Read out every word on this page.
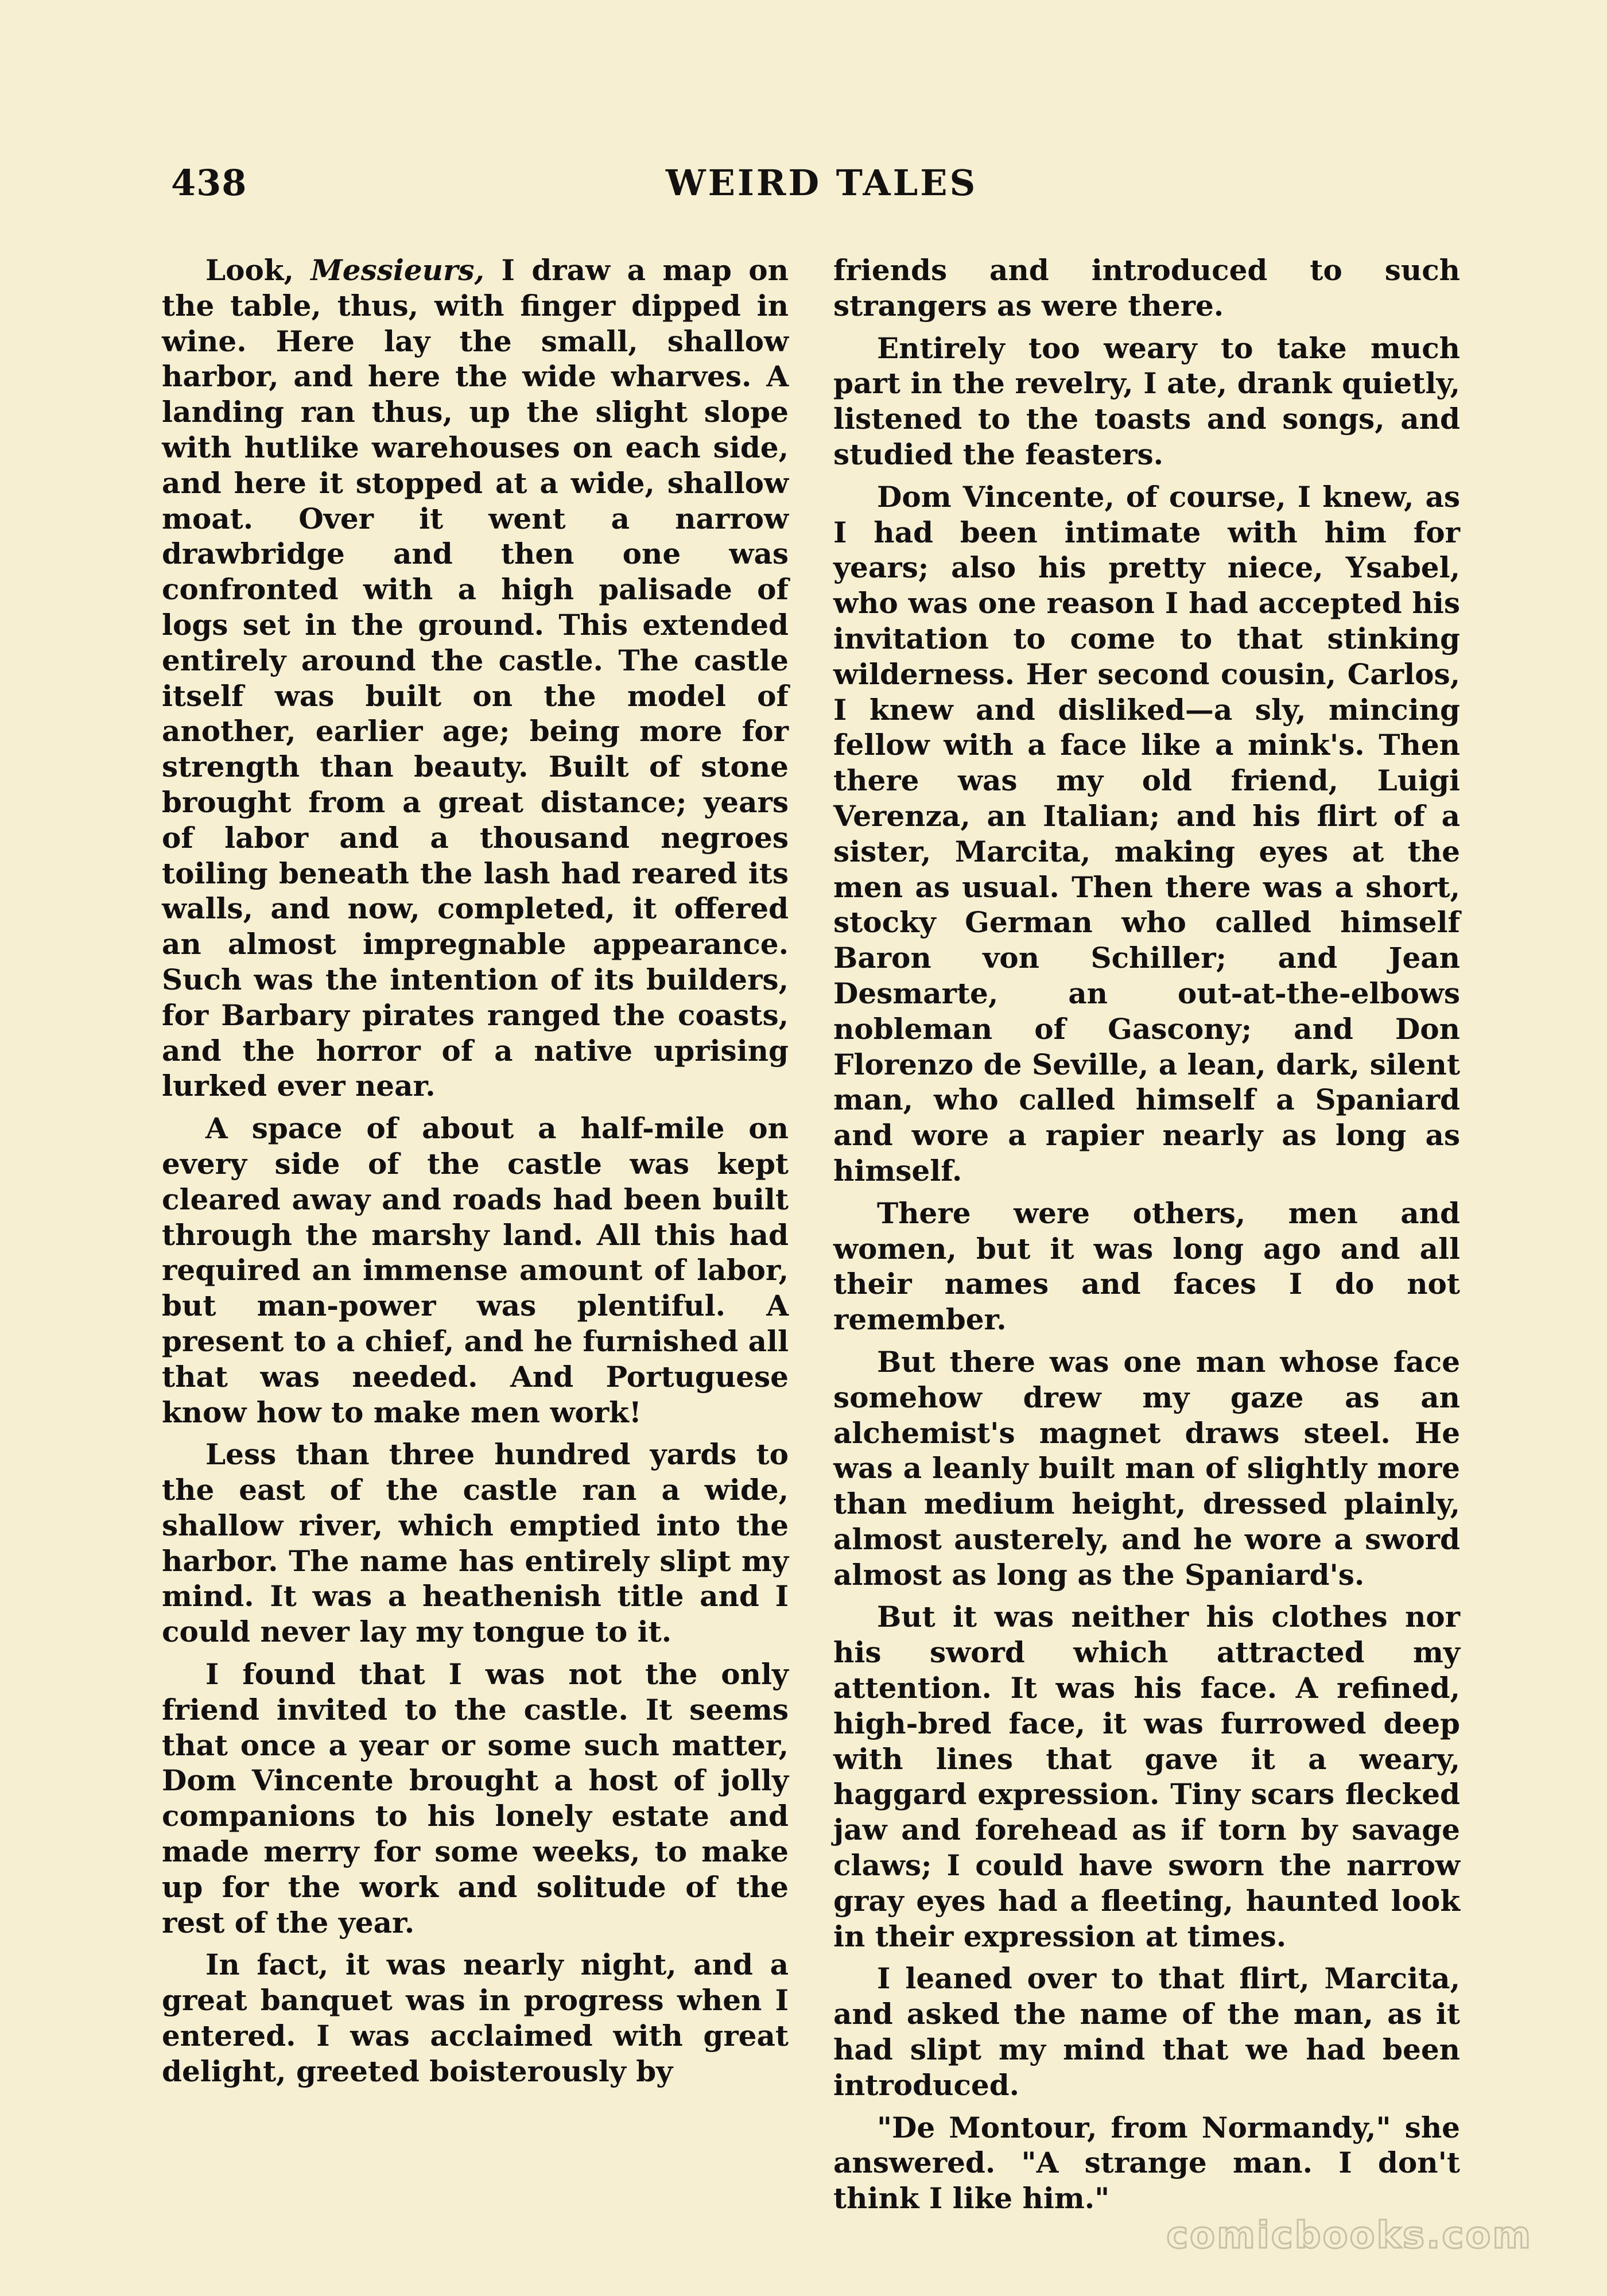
438	WEIRD TALES

Look, Messieurs, I draw a map on the table, thus, with finger dipped in wine. Here lay the small, shallow harbor, and here the wide wharves. A landing ran thus, up the slight slope with hutlike warehouses on each side, and here it stopped at a wide, shallow moat. Over it went a narrow drawbridge and then one was confronted with a high palisade of logs set in the ground. This extended entirely around the castle. The castle itself was built on the model of another, earlier age; being more for strength than beauty. Built of stone brought from a great distance; years of labor and a thousand negroes toiling beneath the lash had reared its walls, and now, completed, it offered an almost impregnable appearance. Such was the intention of its builders, for Barbary pirates ranged the coasts, and the horror of a native uprising lurked ever near.

A space of about a half-mile on every side of the castle was kept cleared away and roads had been built through the marshy land. All this had required an immense amount of labor, but man-power was plentiful. A present to a chief, and he furnished all that was needed. And Portuguese know how to make men work!

Less than three hundred yards to the east of the castle ran a wide, shallow river, which emptied into the harbor. The name has entirely slipt my mind. It was a heathenish title and I could never lay my tongue to it.

I found that I was not the only friend invited to the castle. It seems that once a year or some such matter, Dom Vincente brought a host of jolly companions to his lonely estate and made merry for some weeks, to make up for the work and solitude of the rest of the year.

In fact, it was nearly night, and a great banquet was in progress when I entered. I was acclaimed with great delight, greeted boisterously by

friends and introduced to such strangers as were there.

Entirely too weary to take much part in the revelry, I ate, drank quietly, listened to the toasts and songs, and studied the feasters.

Dom Vincente, of course, I knew, as I had been intimate with him for years; also his pretty niece, Ysabel, who was one reason I had accepted his invitation to come to that stinking wilderness. Her second cousin, Carlos, I knew and disliked—a sly, mincing fellow with a face like a mink's. Then there was my old friend, Luigi Verenza, an Italian; and his flirt of a sister, Marcita, making eyes at the men as usual. Then there was a short, stocky German who called himself Baron von Schiller; and Jean Desmarte, an out-at-the-elbows nobleman of Gascony; and Don Florenzo de Seville, a lean, dark, silent man, who called himself a Spaniard and wore a rapier nearly as long as himself.

There were others, men and women, but it was long ago and all their names and faces I do not remember.

But there was one man whose face somehow drew my gaze as an alchemist's magnet draws steel. He was a leanly built man of slightly more than medium height, dressed plainly, almost austerely, and he wore a sword almost as long as the Spaniard's.

But it was neither his clothes nor his sword which attracted my attention. It was his face. A refined, high-bred face, it was furrowed deep with lines that gave it a weary, haggard expression. Tiny scars flecked jaw and forehead as if torn by savage claws; I could have sworn the narrow gray eyes had a fleeting, haunted look in their expression at times.

I leaned over to that flirt, Marcita, and asked the name of the man, as it had slipt my mind that we had been introduced.

"De Montour, from Normandy," she answered. "A strange man. I don't think I like him."

comicbooks.com
